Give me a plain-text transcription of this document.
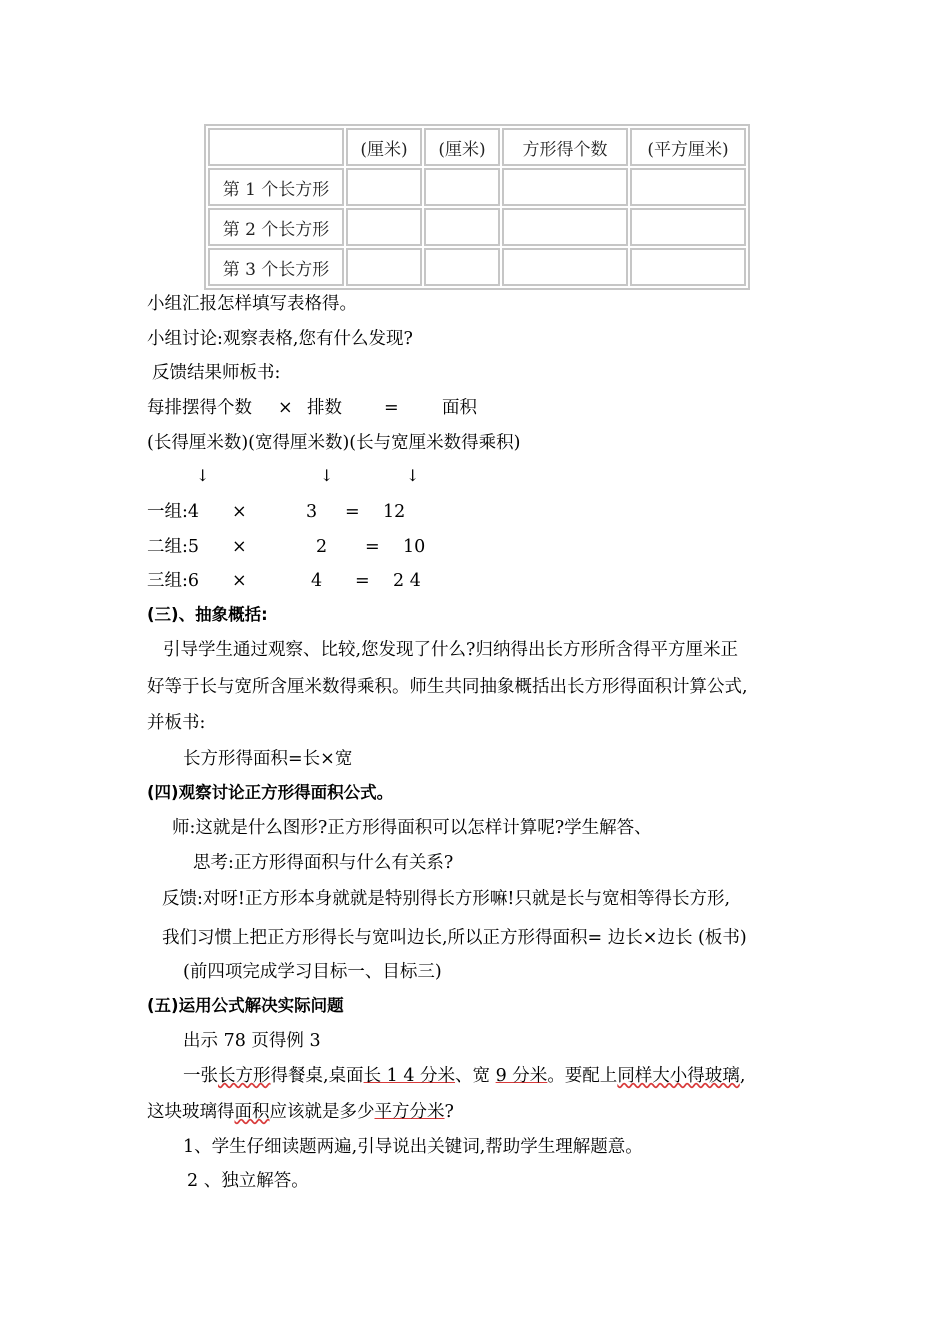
	(厘米)	(厘米)	方形得个数	(平方厘米)
第 1 个长方形				
第 2 个长方形				
第 3 个长方形				
小组汇报怎样填写表格得。
小组讨论:观察表格,您有什么发现?
反馈结果师板书:
每排摆得个数 × 排数 = 面积
(长得厘米数)(宽得厘米数)(长与宽厘米数得乘积)
↓	↓	↓
一组:4 ×	3 = 12
二组:5 ×	2 = 10
三组:6 ×	4 = 2 4
(三)、抽象概括:
引导学生通过观察、比较,您发现了什么?归纳得出长方形所含得平方厘米正
好等于长与宽所含厘米数得乘积。师生共同抽象概括出长方形得面积计算公式,
并板书:
长方形得面积=长×宽
(四)观察讨论正方形得面积公式。
师:这就是什么图形?正方形得面积可以怎样计算呢?学生解答、
思考:正方形得面积与什么有关系?
反馈:对呀!正方形本身就就是特别得长方形嘛!只就是长与宽相等得长方形,
我们习惯上把正方形得长与宽叫边长,所以正方形得面积= 边长×边长 (板书)
(前四项完成学习目标一、目标三)
(五)运用公式解决实际问题
出示 78 页得例 3
一张长方形得餐桌,桌面长 1 4 分米、宽 9 分米。要配上同样大小得玻璃,
这块玻璃得面积应该就是多少平方分米?
1、学生仔细读题两遍,引导说出关键词,帮助学生理解题意。
2 、独立解答。
